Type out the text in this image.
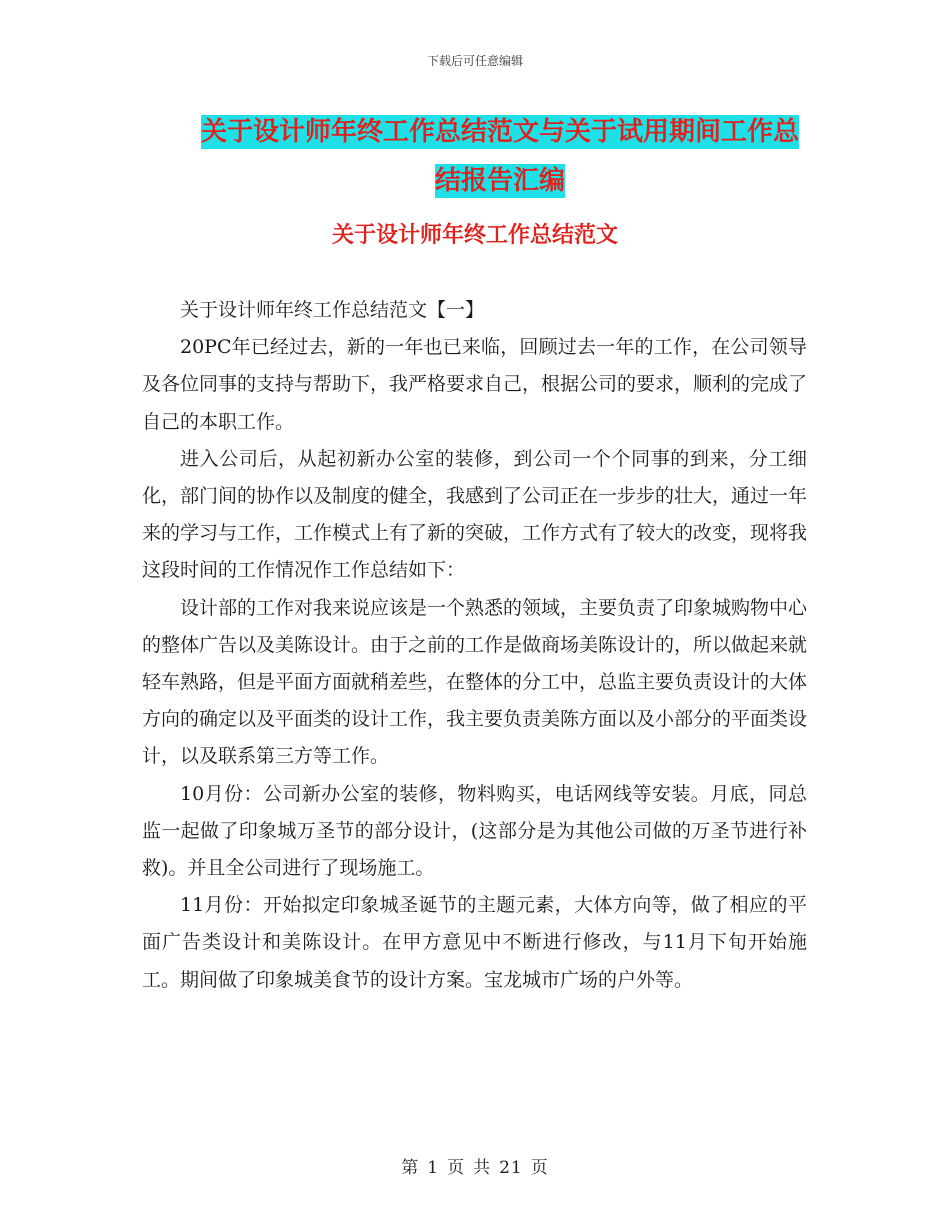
下载后可任意编辑
关于设计师年终工作总结范文与关于试用期间工作总
结报告汇编
关于设计师年终工作总结范文

关于设计师年终工作总结范文【一】

20PC年已经过去，新的一年也已来临，回顾过去一年的工作，在公司领导及各位同事的支持与帮助下，我严格要求自己，根据公司的要求，顺利的完成了自己的本职工作。

进入公司后，从起初新办公室的装修，到公司一个个同事的到来，分工细化，部门间的协作以及制度的健全，我感到了公司正在一步步的壮大，通过一年来的学习与工作，工作模式上有了新的突破，工作方式有了较大的改变，现将我这段时间的工作情况作工作总结如下：

设计部的工作对我来说应该是一个熟悉的领域，主要负责了印象城购物中心的整体广告以及美陈设计。由于之前的工作是做商场美陈设计的，所以做起来就轻车熟路，但是平面方面就稍差些，在整体的分工中，总监主要负责设计的大体方向的确定以及平面类的设计工作，我主要负责美陈方面以及小部分的平面类设计，以及联系第三方等工作。

10月份：公司新办公室的装修，物料购买，电话网线等安装。月底，同总监一起做了印象城万圣节的部分设计，(这部分是为其他公司做的万圣节进行补救)。并且全公司进行了现场施工。

11月份：开始拟定印象城圣诞节的主题元素，大体方向等，做了相应的平面广告类设计和美陈设计。在甲方意见中不断进行修改，与11月下旬开始施工。期间做了印象城美食节的设计方案。宝龙城市广场的户外等。

第 1 页 共 21 页
